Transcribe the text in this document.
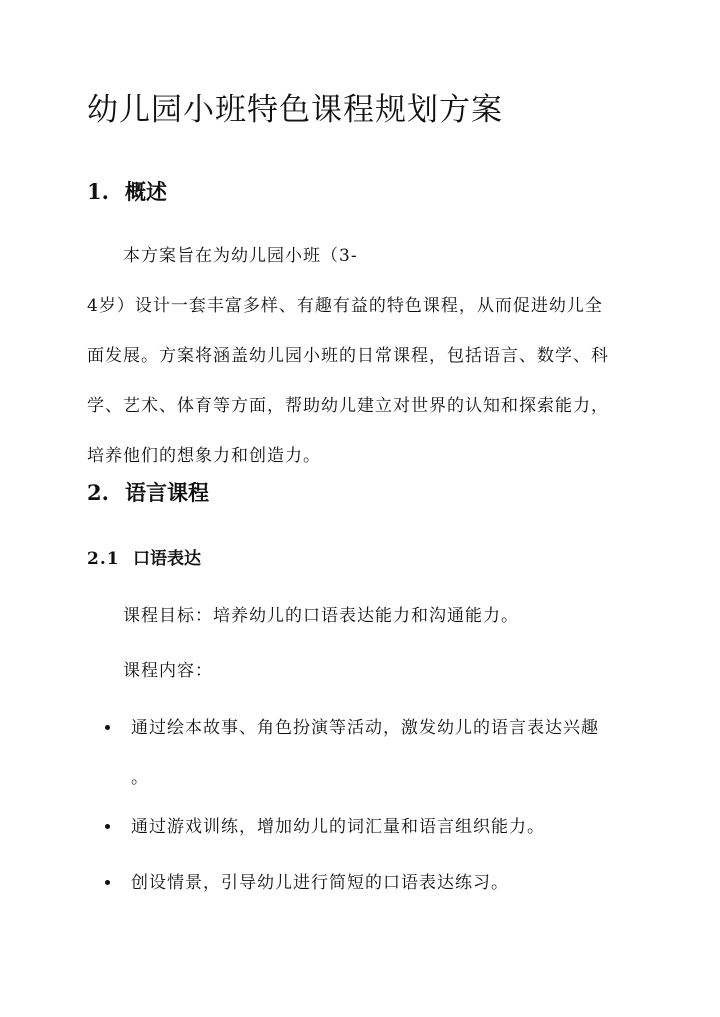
幼儿园小班特色课程规划方案
1. 概述
本方案旨在为幼儿园小班（3-
4岁）设计一套丰富多样、有趣有益的特色课程，从而促进幼儿全
面发展。方案将涵盖幼儿园小班的日常课程，包括语言、数学、科
学、艺术、体育等方面，帮助幼儿建立对世界的认知和探索能力，
培养他们的想象力和创造力。
2. 语言课程
2.1 口语表达

课程目标：培养幼儿的口语表达能力和沟通能力。

课程内容：

通过绘本故事、角色扮演等活动，激发幼儿的语言表达兴趣
。
通过游戏训练，增加幼儿的词汇量和语言组织能力。
创设情景，引导幼儿进行简短的口语表达练习。
